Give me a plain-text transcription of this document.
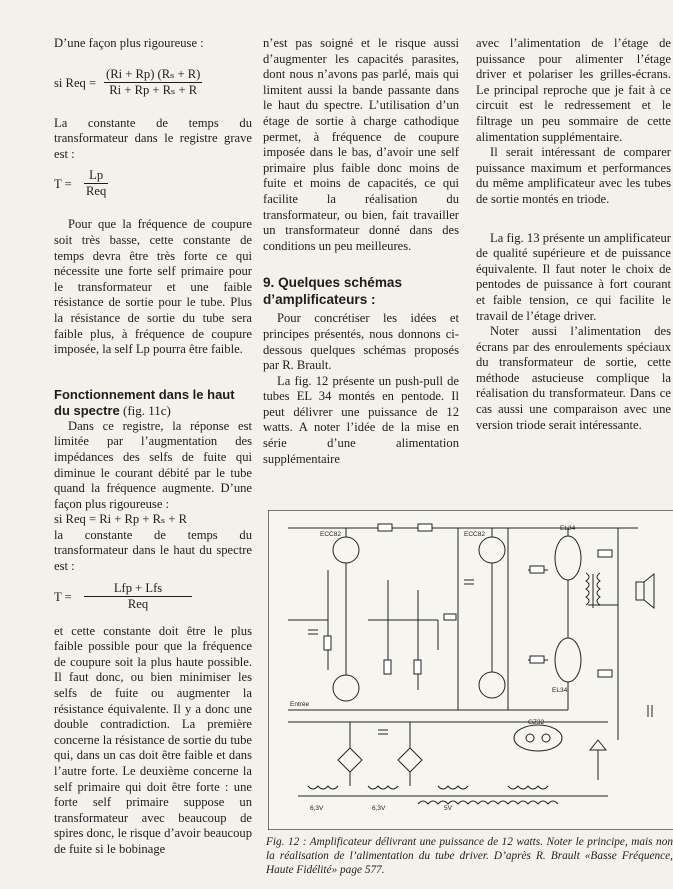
D’une façon plus rigoureuse :

si Req = $\frac{\text{(Ri + Rp) (Rₛ + R)}}{\text{Ri + Rp + Rₛ + R}}$

La constante de temps du transformateur dans le registre grave est :

T =
Lp
Req

Pour que la fréquence de coupure soit très basse, cette constante de temps devra être très forte ce qui nécessite une forte self primaire pour le transformateur et une faible résistance de sortie pour le tube. Plus la résistance de sortie du tube sera faible plus, à fréquence de coupure imposée, la self Lp pourra être faible.

Fonctionnement dans le haut du spectre (fig. 11c)

Dans ce registre, la réponse est limitée par l’augmentation des impédances des selfs de fuite qui diminue le courant débité par le tube quand la fréquence augmente. D’une façon plus rigoureuse :

si Req = Ri + Rp + Rₛ + R

la constante de temps du transformateur dans le haut du spectre est :

T =
Lfp + Lfs
Req

et cette constante doit être le plus faible possible pour que la fréquence de coupure soit la plus haute possible. Il faut donc, ou bien minimiser les selfs de fuite ou augmenter la résistance équivalente. Il y a donc une double contradiction. La première concerne la résistance de sortie du tube qui, dans un cas doit être faible et dans l’autre forte. Le deuxième concerne la self primaire qui doit être forte : une forte self primaire suppose un transformateur avec beaucoup de spires donc, le risque d’avoir beaucoup de fuite si le bobinage

n’est pas soigné et le risque aussi d’augmenter les capacités parasites, dont nous n’avons pas parlé, mais qui limitent aussi la bande passante dans le haut du spectre. L’utilisation d’un étage de sortie à charge cathodique permet, à fréquence de coupure imposée dans le bas, d’avoir une self primaire plus faible donc moins de fuite et moins de capacités, ce qui facilite la réalisation du transformateur, ou bien, fait travailler un transformateur donné dans des conditions un peu meilleures.

9. Quelques schémas d’amplificateurs :

Pour concrétiser les idées et principes présentés, nous donnons ci-dessous quelques schémas proposés par R. Brault.

La fig. 12 présente un push-pull de tubes EL 34 montés en pentode. Il peut délivrer une puissance de 12 watts. A noter l’idée de la mise en série d’une alimentation supplémentaire

avec l’alimentation de l’étage de puissance pour alimenter l’étage driver et polariser les grilles-écrans. Le principal reproche que je fait à ce circuit est le redressement et le filtrage un peu sommaire de cette alimentation supplémentaire.

Il serait intéressant de comparer puissance maximum et performances du même amplificateur avec les tubes de sortie montés en triode.

La fig. 13 présente un amplificateur de qualité supérieure et de puissance équivalente. Il faut noter le choix de pentodes de puissance à fort courant et faible tension, ce qui facilite le travail de l’étage driver.

Noter aussi l’alimentation des écrans par des enroulements spéciaux du transformateur de sortie, cette méthode astucieuse complique la réalisation du transformateur. Dans ce cas aussi une comparaison avec une version triode serait intéressante.

ECC82	ECC82
EL34
EL34
GZ32
6,3V	6,3V	5V
Entrée
Fig. 12 : Amplificateur délivrant une puissance de 12 watts. Noter le principe, mais non la réalisation de l’alimentation du tube driver. D’après R. Brault «Basse Fréquence, Haute Fidélité» page 577.
